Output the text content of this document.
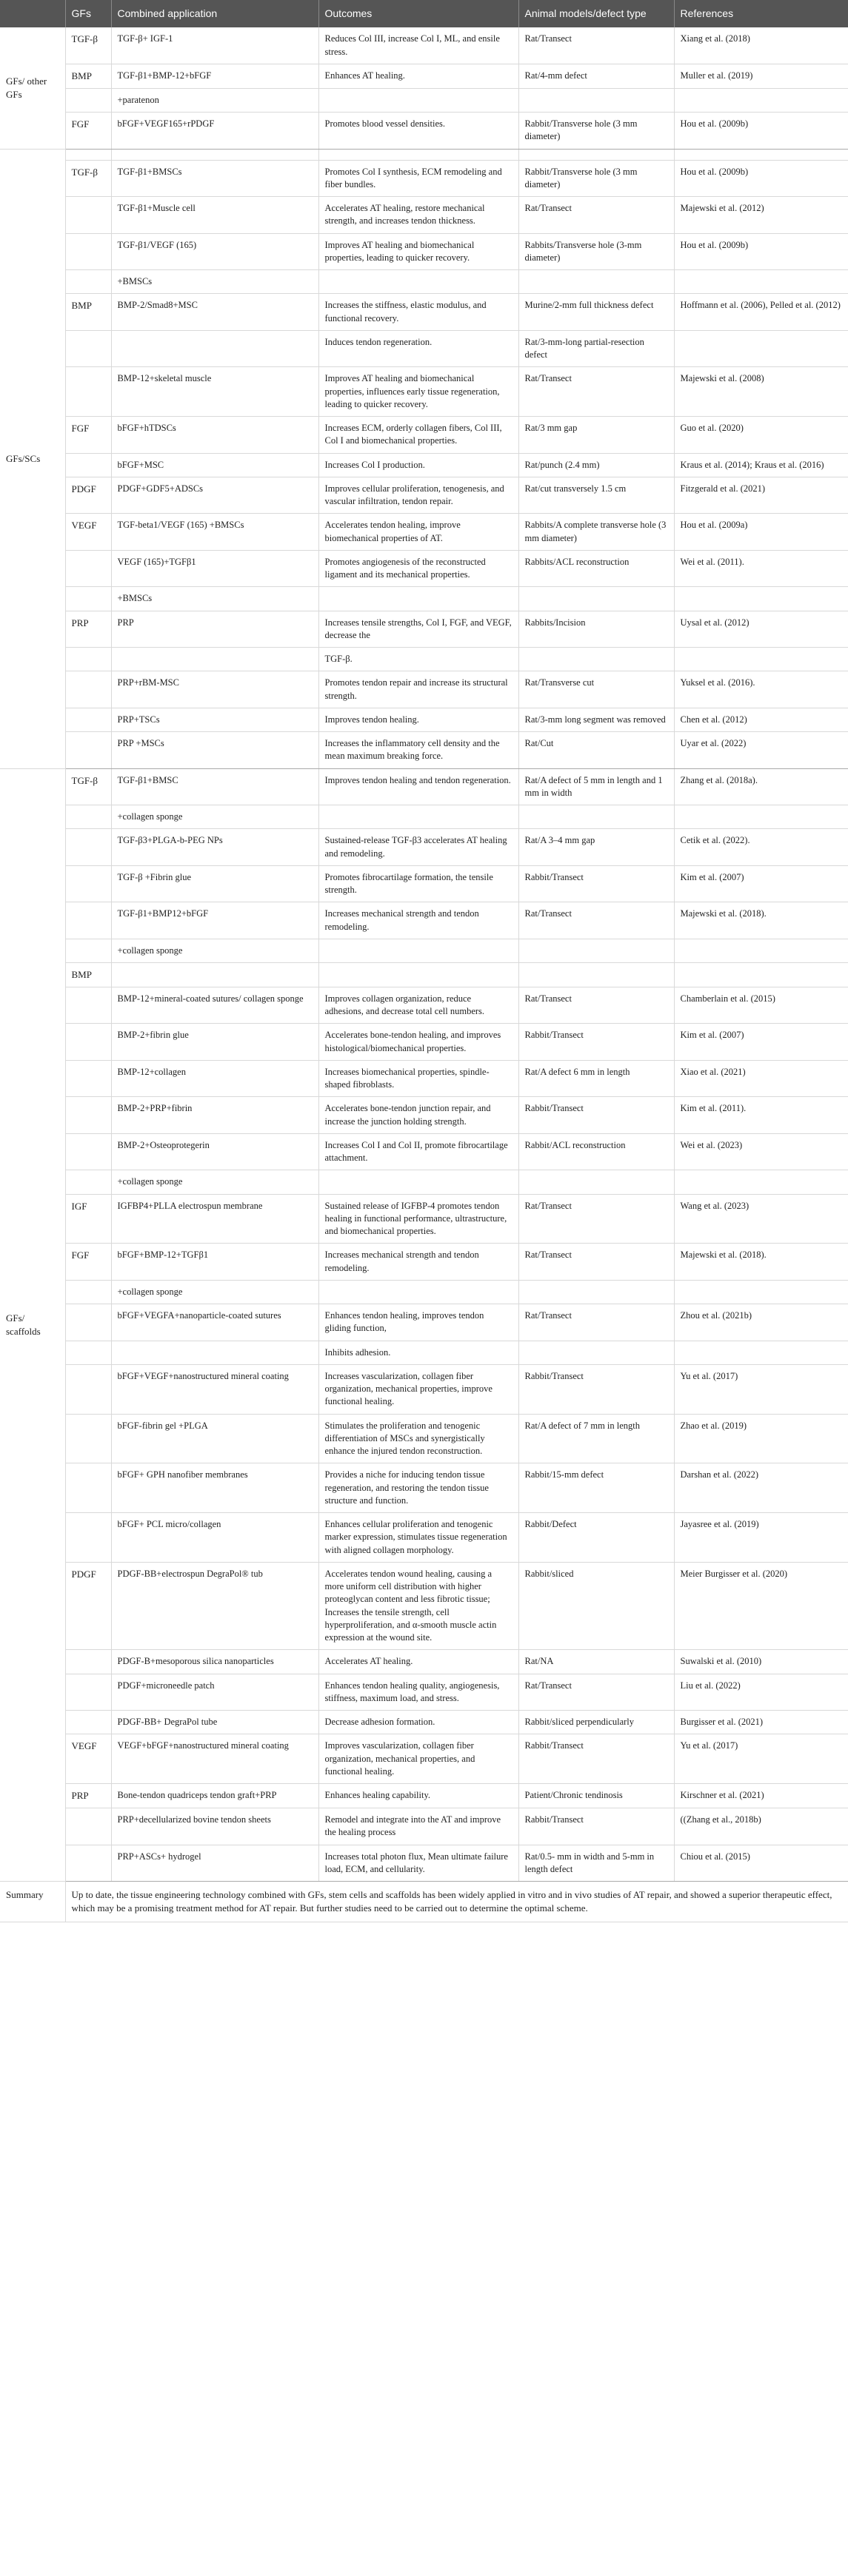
	GFs	Combined application	Outcomes	Animal models/defect type	References
GFs/ other GFs	TGF-β	TGF-β+ IGF-1	Reduces Col III, increase Col I, ML, and ensile stress.	Rat/Transect	Xiang et al. (2018)
	BMP	TGF-β1+BMP-12+bFGF	Enhances AT healing.	Rat/4-mm defect	Muller et al. (2019)
		+paratenon			
	FGF	bFGF+VEGF165+rPDGF	Promotes blood vessel densities.	Rabbit/Transverse hole (3 mm diameter)	Hou et al. (2009b)
GFs/SCs					
	TGF-β	TGF-β1+BMSCs	Promotes Col I synthesis, ECM remodeling and fiber bundles.	Rabbit/Transverse hole (3 mm diameter)	Hou et al. (2009b)
		TGF-β1+Muscle cell	Accelerates AT healing, restore mechanical strength, and increases tendon thickness.	Rat/Transect	Majewski et al. (2012)
		TGF-β1/VEGF (165)	Improves AT healing and biomechanical properties, leading to quicker recovery.	Rabbits/Transverse hole (3-mm diameter)	Hou et al. (2009b)
		+BMSCs			
	BMP	BMP-2/Smad8+MSC	Increases the stiffness, elastic modulus, and functional recovery.	Murine/2-mm full thickness defect	Hoffmann et al. (2006), Pelled et al. (2012)
			Induces tendon regeneration.	Rat/3-mm-long partial-resection defect	
		BMP-12+skeletal muscle	Improves AT healing and biomechanical properties, influences early tissue regeneration, leading to quicker recovery.	Rat/Transect	Majewski et al. (2008)
	FGF	bFGF+hTDSCs	Increases ECM, orderly collagen fibers, Col III, Col I and biomechanical properties.	Rat/3 mm gap	Guo et al. (2020)
		bFGF+MSC	Increases Col I production.	Rat/punch (2.4 mm)	Kraus et al. (2014); Kraus et al. (2016)
	PDGF	PDGF+GDF5+ADSCs	Improves cellular proliferation, tenogenesis, and vascular infiltration, tendon repair.	Rat/cut transversely 1.5 cm	Fitzgerald et al. (2021)
	VEGF	TGF-beta1/VEGF (165) +BMSCs	Accelerates tendon healing, improve biomechanical properties of AT.	Rabbits/A complete transverse hole (3 mm diameter)	Hou et al. (2009a)
		VEGF (165)+TGFβ1	Promotes angiogenesis of the reconstructed ligament and its mechanical properties.	Rabbits/ACL reconstruction	Wei et al. (2011).
		+BMSCs			
	PRP	PRP	Increases tensile strengths, Col I, FGF, and VEGF, decrease the	Rabbits/Incision	Uysal et al. (2012)
			TGF-β.		
		PRP+rBM-MSC	Promotes tendon repair and increase its structural strength.	Rat/Transverse cut	Yuksel et al. (2016).
		PRP+TSCs	Improves tendon healing.	Rat/3-mm long segment was removed	Chen et al. (2012)
		PRP +MSCs	Increases the inflammatory cell density and the mean maximum breaking force.	Rat/Cut	Uyar et al. (2022)
GFs/ scaffolds	TGF-β	TGF-β1+BMSC	Improves tendon healing and tendon regeneration.	Rat/A defect of 5 mm in length and 1 mm in width	Zhang et al. (2018a).
		+collagen sponge			
		TGF-β3+PLGA-b-PEG NPs	Sustained-release TGF-β3 accelerates AT healing and remodeling.	Rat/A 3–4 mm gap	Cetik et al. (2022).
		TGF-β +Fibrin glue	Promotes fibrocartilage formation, the tensile strength.	Rabbit/Transect	Kim et al. (2007)
		TGF-β1+BMP12+bFGF	Increases mechanical strength and tendon remodeling.	Rat/Transect	Majewski et al. (2018).
		+collagen sponge			
	BMP				
		BMP-12+mineral-coated sutures/ collagen sponge	Improves collagen organization, reduce adhesions, and decrease total cell numbers.	Rat/Transect	Chamberlain et al. (2015)
		BMP-2+fibrin glue	Accelerates bone-tendon healing, and improves histological/biomechanical properties.	Rabbit/Transect	Kim et al. (2007)
		BMP-12+collagen	Increases biomechanical properties, spindle-shaped fibroblasts.	Rat/A defect 6 mm in length	Xiao et al. (2021)
		BMP-2+PRP+fibrin	Accelerates bone-tendon junction repair, and increase the junction holding strength.	Rabbit/Transect	Kim et al. (2011).
		BMP-2+Osteoprotegerin	Increases Col I and Col II, promote fibrocartilage attachment.	Rabbit/ACL reconstruction	Wei et al. (2023)
		+collagen sponge			
	IGF	IGFBP4+PLLA electrospun membrane	Sustained release of IGFBP-4 promotes tendon healing in functional performance, ultrastructure, and biomechanical properties.	Rat/Transect	Wang et al. (2023)
	FGF	bFGF+BMP-12+TGFβ1	Increases mechanical strength and tendon remodeling.	Rat/Transect	Majewski et al. (2018).
		+collagen sponge			
		bFGF+VEGFA+nanoparticle-coated sutures	Enhances tendon healing, improves tendon gliding function,	Rat/Transect	Zhou et al. (2021b)
			Inhibits adhesion.		
		bFGF+VEGF+nanostructured mineral coating	Increases vascularization, collagen fiber organization, mechanical properties, improve functional healing.	Rabbit/Transect	Yu et al. (2017)
		bFGF-fibrin gel +PLGA	Stimulates the proliferation and tenogenic differentiation of MSCs and synergistically enhance the injured tendon reconstruction.	Rat/A defect of 7 mm in length	Zhao et al. (2019)
		bFGF+ GPH nanofiber membranes	Provides a niche for inducing tendon tissue regeneration, and restoring the tendon tissue structure and function.	Rabbit/15-mm defect	Darshan et al. (2022)
		bFGF+ PCL micro/collagen	Enhances cellular proliferation and tenogenic marker expression, stimulates tissue regeneration with aligned collagen morphology.	Rabbit/Defect	Jayasree et al. (2019)
	PDGF	PDGF-BB+electrospun DegraPol® tub	Accelerates tendon wound healing, causing a more uniform cell distribution with higher proteoglycan content and less fibrotic tissue; Increases the tensile strength, cell hyperproliferation, and α-smooth muscle actin expression at the wound site.	Rabbit/sliced	Meier Burgisser et al. (2020)
		PDGF-B+mesoporous silica nanoparticles	Accelerates AT healing.	Rat/NA	Suwalski et al. (2010)
		PDGF+microneedle patch	Enhances tendon healing quality, angiogenesis, stiffness, maximum load, and stress.	Rat/Transect	Liu et al. (2022)
		PDGF-BB+ DegraPol tube	Decrease adhesion formation.	Rabbit/sliced perpendicularly	Burgisser et al. (2021)
	VEGF	VEGF+bFGF+nanostructured mineral coating	Improves vascularization, collagen fiber organization, mechanical properties, and functional healing.	Rabbit/Transect	Yu et al. (2017)
	PRP	Bone-tendon quadriceps tendon graft+PRP	Enhances healing capability.	Patient/Chronic tendinosis	Kirschner et al. (2021)
		PRP+decellularized bovine tendon sheets	Remodel and integrate into the AT and improve the healing process	Rabbit/Transect	((Zhang et al., 2018b)
		PRP+ASCs+ hydrogel	Increases total photon flux, Mean ultimate failure load, ECM, and cellularity.	Rat/0.5- mm in width and 5-mm in length defect	Chiou et al. (2015)
Summary	Up to date, the tissue engineering technology combined with GFs, stem cells and scaffolds has been widely applied in vitro and in vivo studies of AT repair, and showed a superior therapeutic effect, which may be a promising treatment method for AT repair. But further studies need to be carried out to determine the optimal scheme.				
